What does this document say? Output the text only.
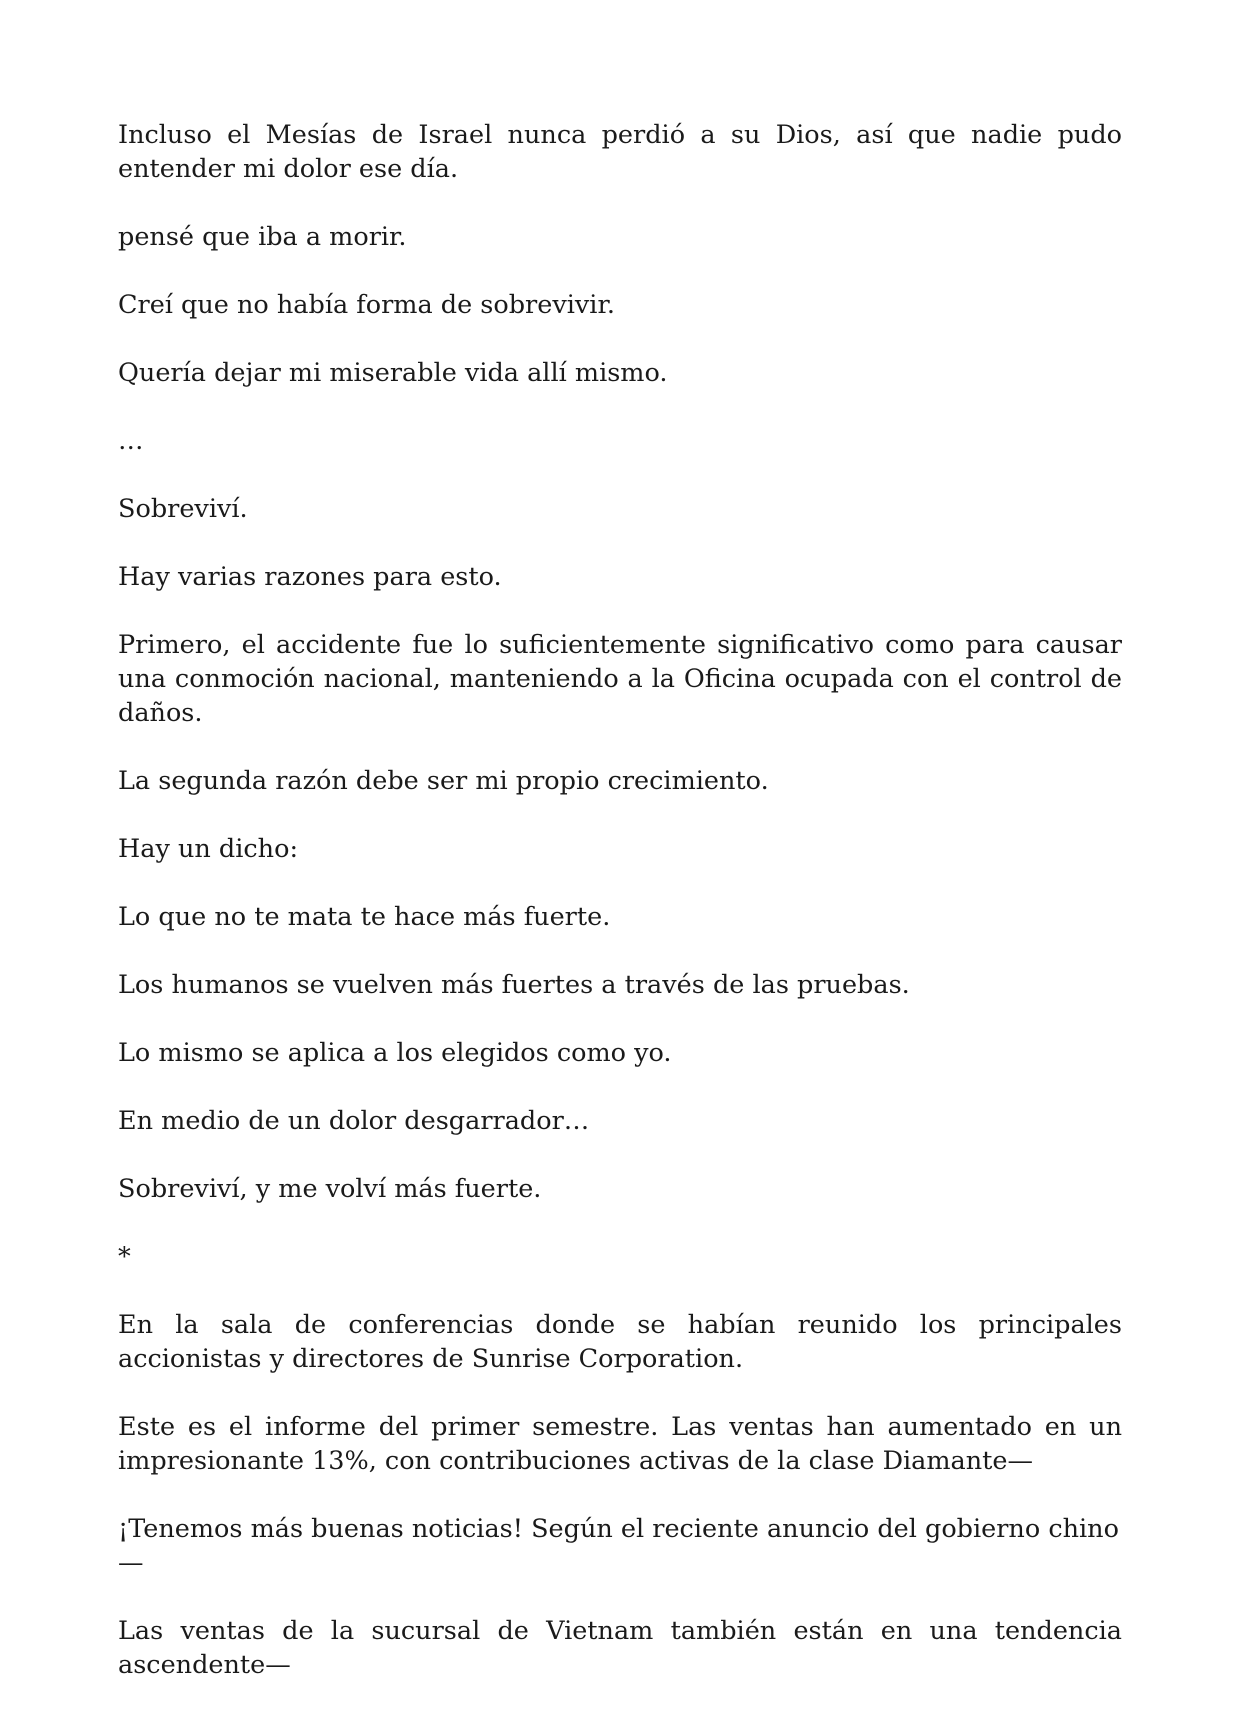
Incluso el Mesías de Israel nunca perdió a su Dios, así que nadie pudo entender mi dolor ese día.

pensé que iba a morir.

Creí que no había forma de sobrevivir.

Quería dejar mi miserable vida allí mismo.

…

Sobreviví.

Hay varias razones para esto.

Primero, el accidente fue lo suficientemente significativo como para causar una conmoción nacional, manteniendo a la Oficina ocupada con el control de daños.

La segunda razón debe ser mi propio crecimiento.

Hay un dicho:

Lo que no te mata te hace más fuerte.

Los humanos se vuelven más fuertes a través de las pruebas.

Lo mismo se aplica a los elegidos como yo.

En medio de un dolor desgarrador…

Sobreviví, y me volví más fuerte.

*

En la sala de conferencias donde se habían reunido los principales accionistas y directores de Sunrise Corporation.

Este es el informe del primer semestre. Las ventas han aumentado en un impresionante 13%, con contribuciones activas de la clase Diamante—

¡Tenemos más buenas noticias! Según el reciente anuncio del gobierno chino—

Las ventas de la sucursal de Vietnam también están en una tendencia ascendente—
